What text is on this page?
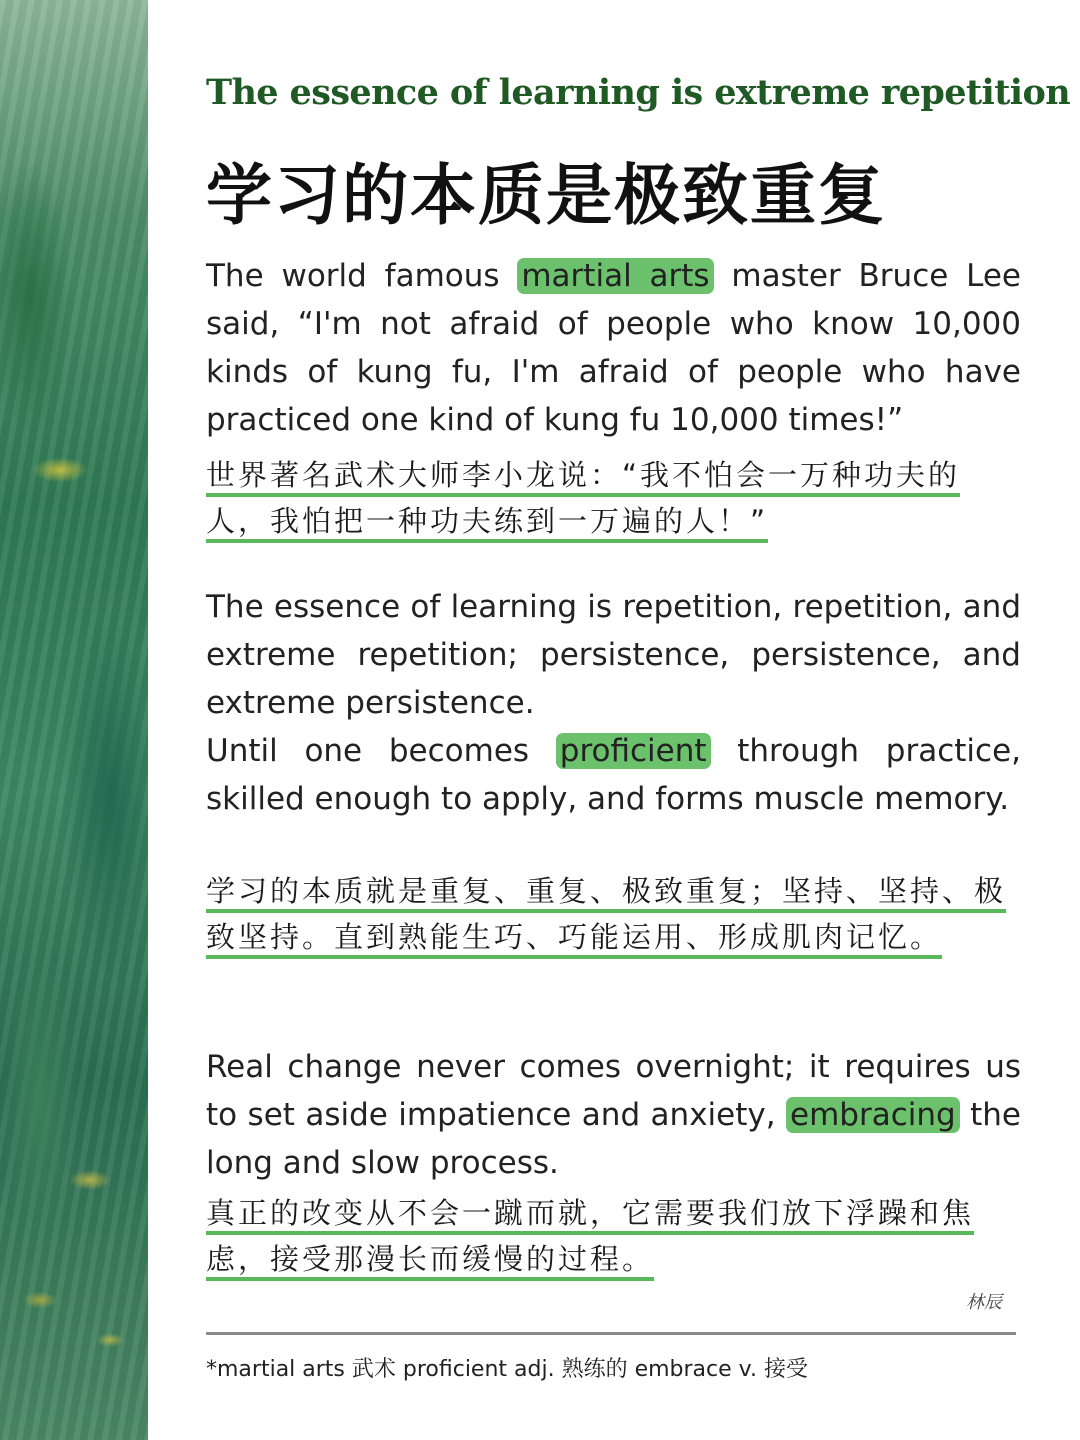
The essence of learning is extreme repetition
学习的本质是极致重复
The world famous martial arts master Bruce Lee said, “I'm not afraid of people who know 10,000 kinds of kung fu, I'm afraid of people who have practiced one kind of kung fu 10,000 times!”
世界著名武术大师李小龙说：“我不怕会一万种功夫的人，我怕把一种功夫练到一万遍的人！”
The essence of learning is repetition, repetition, and extreme repetition; persistence, persistence, and extreme persistence.
Until one becomes proficient through practice, skilled enough to apply, and forms muscle memory.
学习的本质就是重复、重复、极致重复；坚持、坚持、极致坚持。直到熟能生巧、巧能运用、形成肌肉记忆。
Real change never comes overnight; it requires us to set aside impatience and anxiety, embracing the long and slow process.
真正的改变从不会一蹴而就，它需要我们放下浮躁和焦虑，接受那漫长而缓慢的过程。
林辰
*martial arts 武术 proficient adj. 熟练的 embrace v. 接受
